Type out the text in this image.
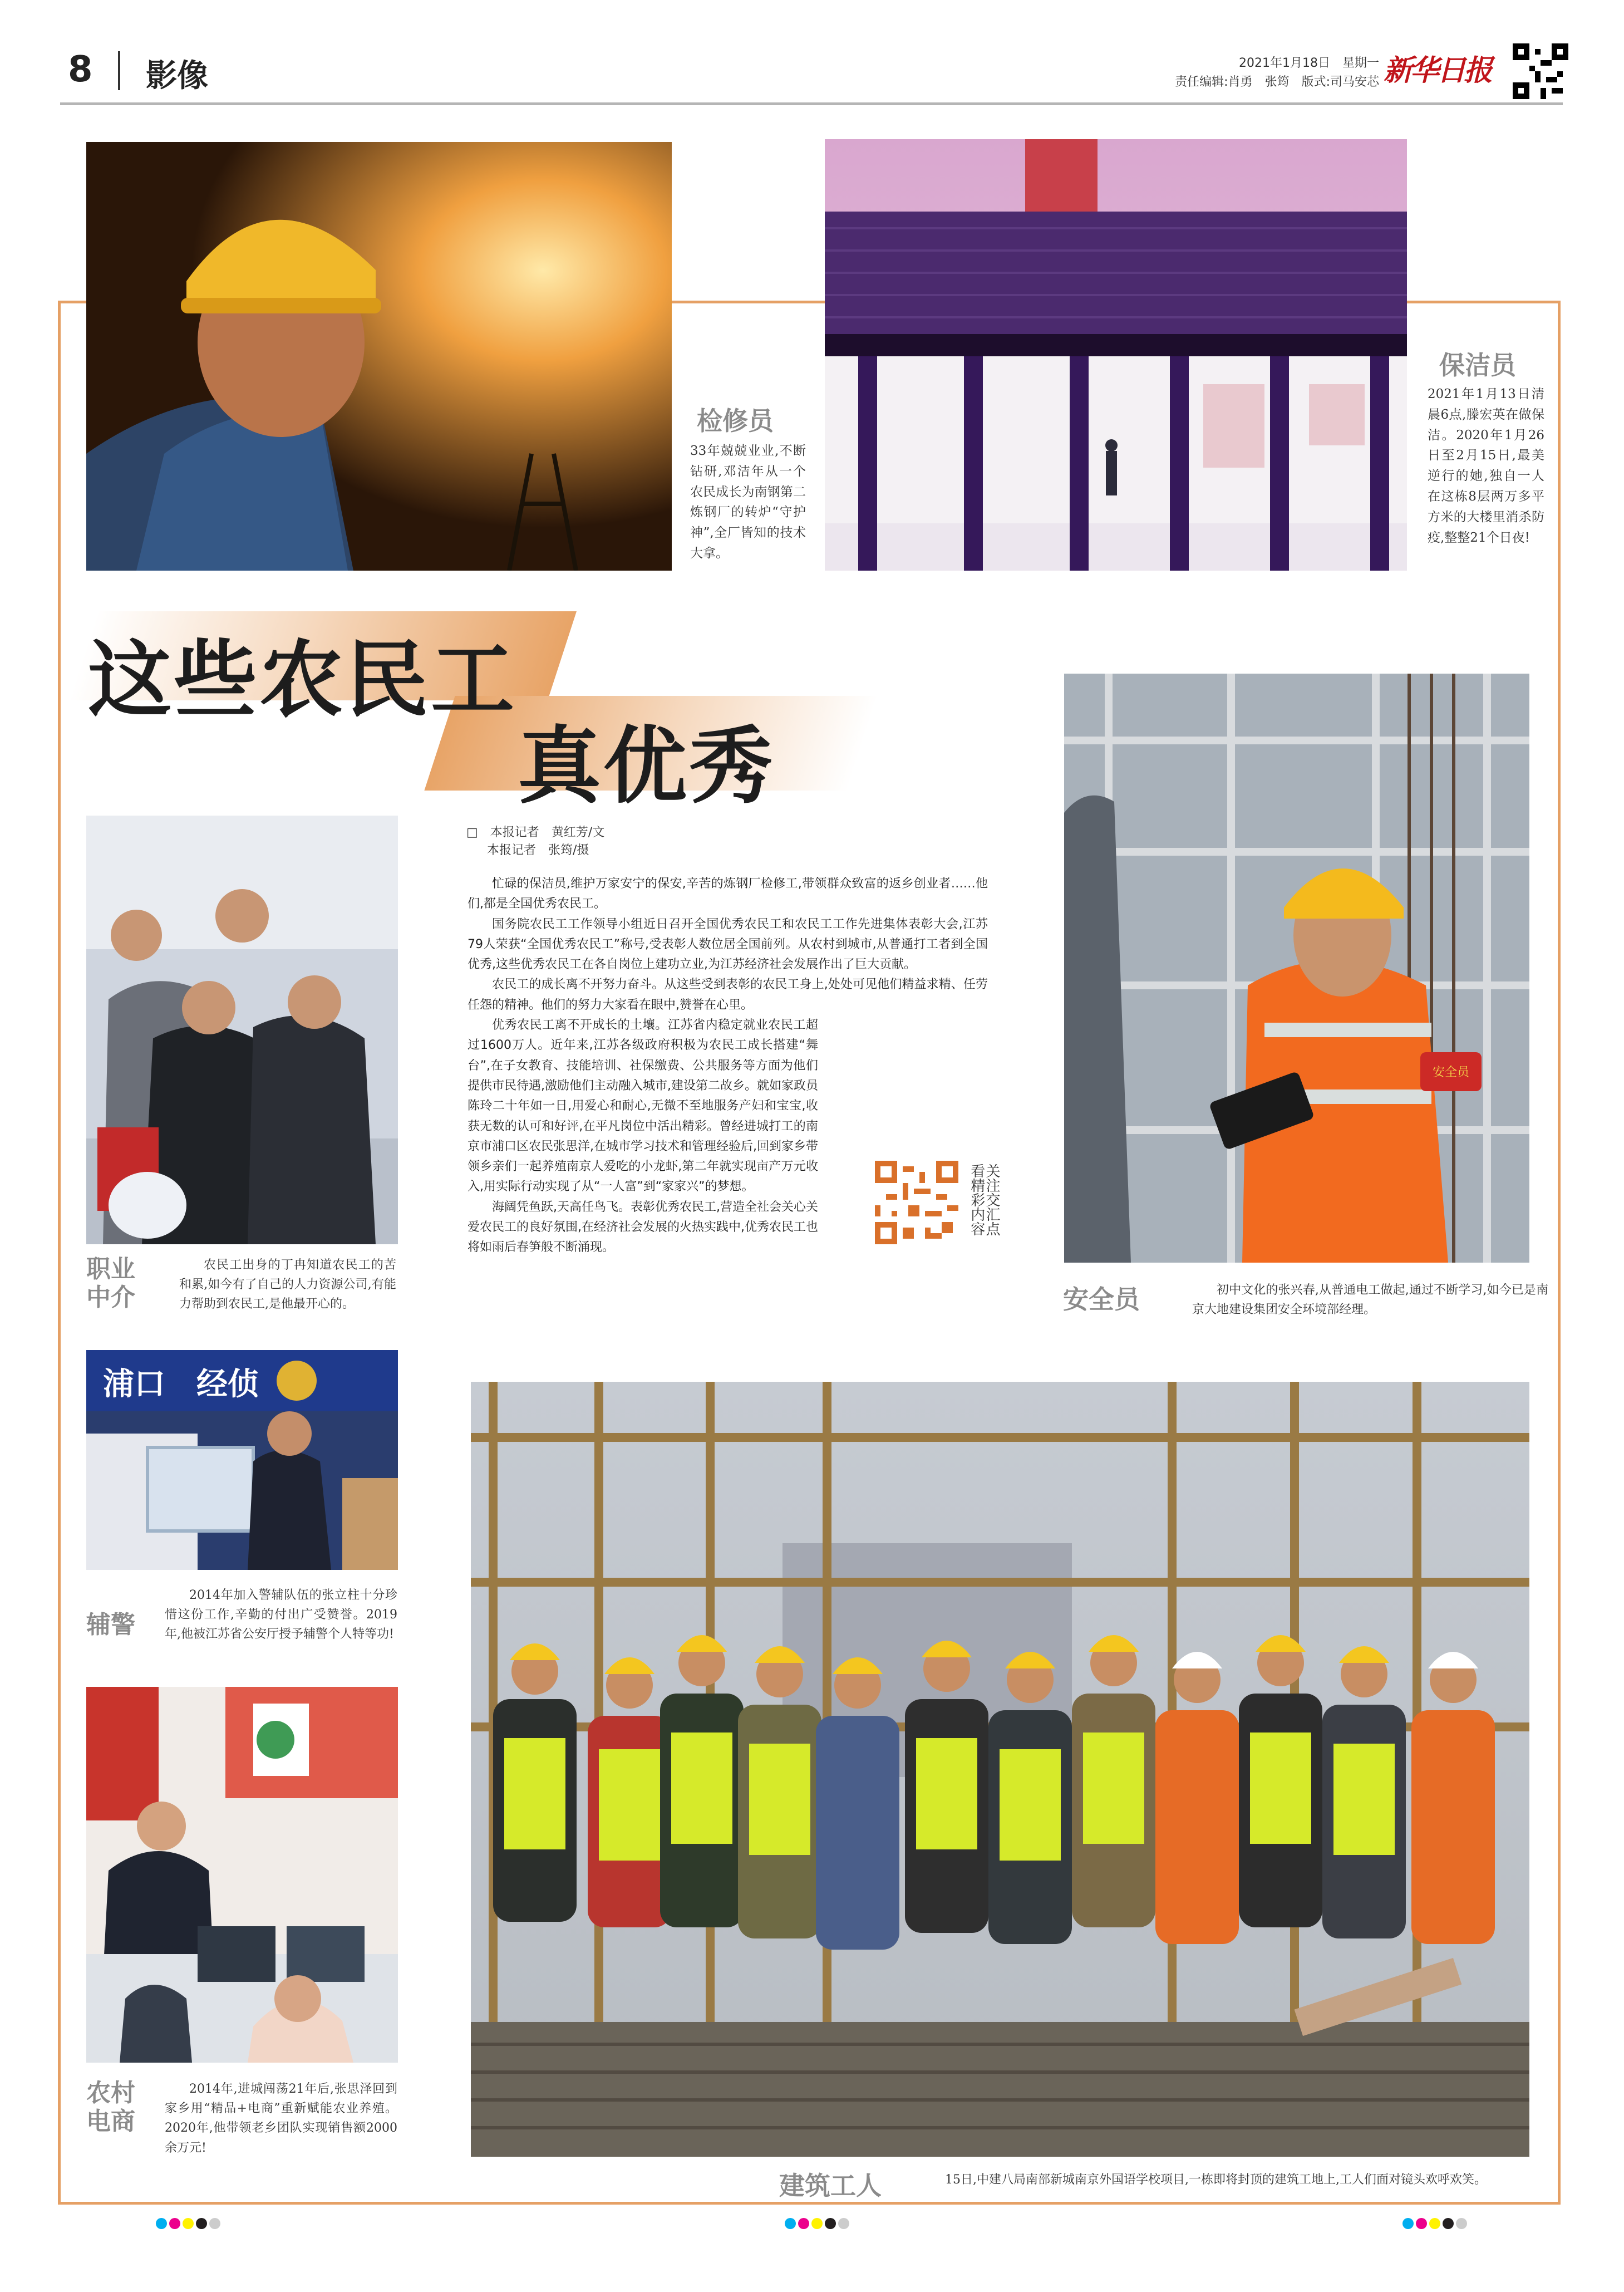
8 影像	2021年1月18日　星期一
责任编辑:肖勇　张筠　版式:司马安芯 新华日报
检修员
33年兢兢业业,不断钻研,邓洁年从一个农民成长为南钢第二炼钢厂的转炉“守护神”,全厂皆知的技术大拿。
保洁员
2021年1月13日清晨6点,滕宏英在做保洁。2020年1月26日至2月15日,最美逆行的她,独自一人在这栋8层两万多平方米的大楼里消杀防疫,整整21个日夜!
这些农民工
真优秀
职业中介
农民工出身的丁冉知道农民工的苦和累,如今有了自己的人力资源公司,有能力帮助到农民工,是他最开心的。
□　本报记者　黄红芳/文
本报记者　张筠/摄

忙碌的保洁员,维护万家安宁的保安,辛苦的炼钢厂检修工,带领群众致富的返乡创业者……他们,都是全国优秀农民工。

国务院农民工工作领导小组近日召开全国优秀农民工和农民工工作先进集体表彰大会,江苏79人荣获“全国优秀农民工”称号,受表彰人数位居全国前列。从农村到城市,从普通打工者到全国优秀,这些优秀农民工在各自岗位上建功立业,为江苏经济社会发展作出了巨大贡献。

农民工的成长离不开努力奋斗。从这些受到表彰的农民工身上,处处可见他们精益求精、任劳任怨的精神。他们的努力大家看在眼中,赞誉在心里。

优秀农民工离不开成长的土壤。江苏省内稳定就业农民工超过1600万人。近年来,江苏各级政府积极为农民工成长搭建“舞台”,在子女教育、技能培训、社保缴费、公共服务等方面为他们提供市民待遇,激励他们主动融入城市,建设第二故乡。就如家政员陈玲二十年如一日,用爱心和耐心,无微不至地服务产妇和宝宝,收获无数的认可和好评,在平凡岗位中活出精彩。曾经进城打工的南京市浦口区农民张思洋,在城市学习技术和管理经验后,回到家乡带领乡亲们一起养殖南京人爱吃的小龙虾,第二年就实现亩产万元收入,用实际行动实现了从“一人富”到“家家兴”的梦想。

海阔凭鱼跃,天高任鸟飞。表彰优秀农民工,营造全社会关心关爱农民工的良好氛围,在经济社会发展的火热实践中,优秀农民工也将如雨后春笋般不断涌现。

关注交汇点看精彩内容
安全员
安全员	初中文化的张兴春,从普通电工做起,通过不断学习,如今已是南京大地建设集团安全环境部经理。
浦口　经侦
辅警
2014年加入警辅队伍的张立柱十分珍惜这份工作,辛勤的付出广受赞誉。2019年,他被江苏省公安厅授予辅警个人特等功!
农村电商
2014年,进城闯荡21年后,张思泽回到家乡用“精品+电商”重新赋能农业养殖。2020年,他带领老乡团队实现销售额2000余万元!
建筑工人	15日,中建八局南部新城南京外国语学校项目,一栋即将封顶的建筑工地上,工人们面对镜头欢呼欢笑。
